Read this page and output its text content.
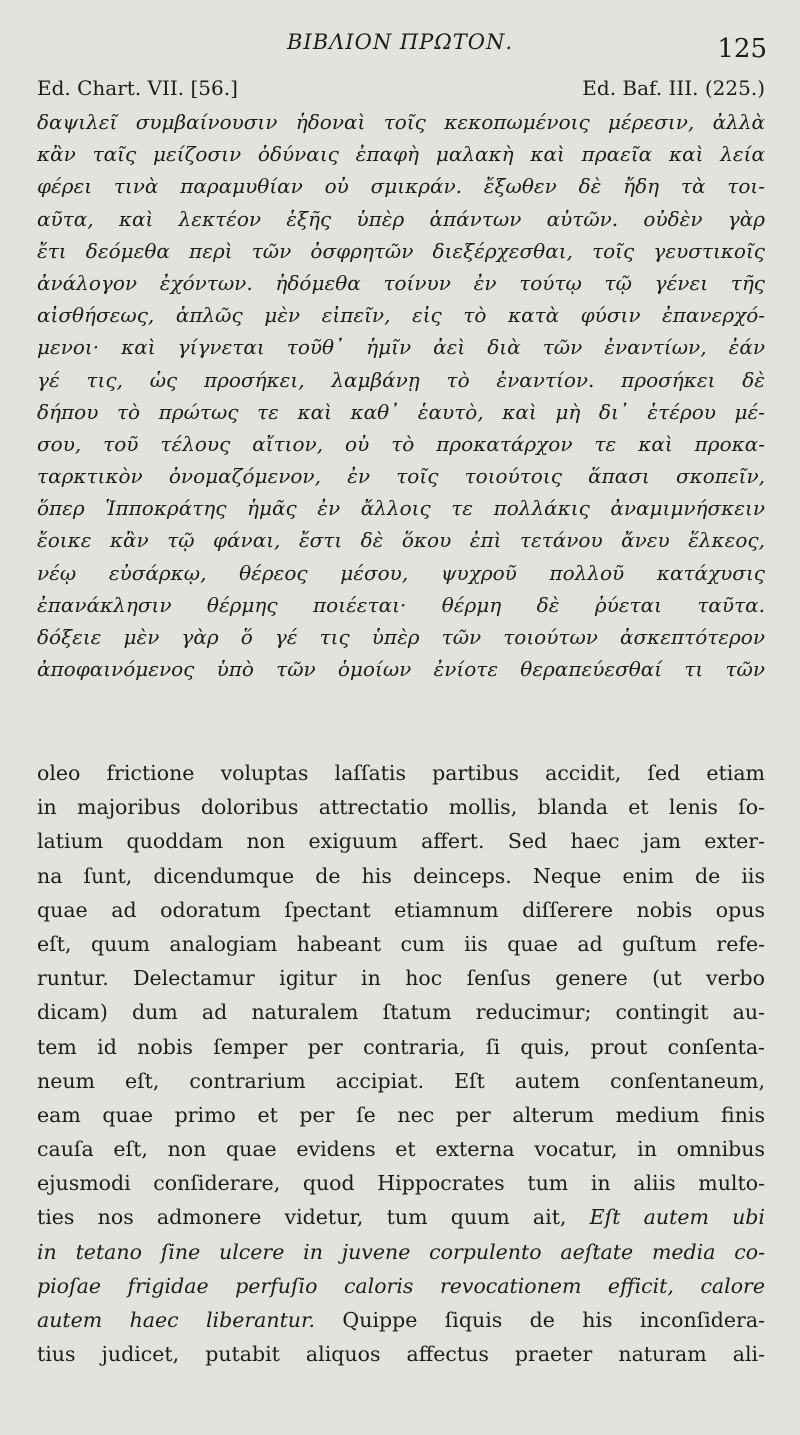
ΒΙΒΛΙΟΝ ΠΡΩΤΟΝ.	125
Ed. Chart. VII. [56.]	Ed. Baf. III. (225.)
δαψιλεῖ συμβαίνουσιν ἡδοναὶ τοῖς κεκοπωμένοις μέρεσιν, ἀλλὰ
κἂν ταῖς μείζοσιν ὀδύναις ἐπαφὴ μαλακὴ καὶ πραεῖα καὶ λεία
φέρει τινὰ παραμυθίαν οὐ σμικράν. ἔξωθεν δὲ ἤδη τὰ τοι-
αῦτα, καὶ λεκτέον ἑξῆς ὑπὲρ ἁπάντων αὐτῶν. οὐδὲν γὰρ
ἔτι δεόμεθα περὶ τῶν ὀσφρητῶν διεξέρχεσθαι, τοῖς γευστικοῖς
ἀνάλογον ἐχόντων. ἠδόμεθα τοίνυν ἐν τούτῳ τῷ γένει τῆς
αἰσθήσεως, ἁπλῶς μὲν εἰπεῖν, εἰς τὸ κατὰ φύσιν ἐπανερχό-
μενοι· καὶ γίγνεται τοῦθ᾽ ἡμῖν ἀεὶ διὰ τῶν ἐναντίων, ἐάν
γέ τις, ὡς προσήκει, λαμβάνῃ τὸ ἐναντίον. προσήκει δὲ
δήπου τὸ πρώτως τε καὶ καθ᾽ ἑαυτὸ, καὶ μὴ δι᾽ ἑτέρου μέ-
σου, τοῦ τέλους αἴτιον, οὐ τὸ προκατάρχον τε καὶ προκα-
ταρκτικὸν ὀνομαζόμενον, ἐν τοῖς τοιούτοις ἅπασι σκοπεῖν,
ὅπερ Ἱπποκράτης ἡμᾶς ἐν ἄλλοις τε πολλάκις ἀναμιμνήσκειν
ἔοικε κἂν τῷ φάναι, ἔστι δὲ ὅκου ἐπὶ τετάνου ἄνευ ἕλκεος,
νέῳ εὐσάρκῳ, θέρεος μέσου, ψυχροῦ πολλοῦ κατάχυσις
ἐπανάκλησιν θέρμης ποιέεται· θέρμη δὲ ῥύεται ταῦτα.
δόξειε μὲν γὰρ ὅ γέ τις ὑπὲρ τῶν τοιούτων ἀσκεπτότερον
ἀποφαινόμενος ὑπὸ τῶν ὁμοίων ἐνίοτε θεραπεύεσθαί τι τῶν
oleo frictione voluptas laſſatis partibus accidit, ſed etiam
in majoribus doloribus attrectatio mollis, blanda et lenis ſo-
latium quoddam non exiguum affert. Sed haec jam exter-
na ſunt, dicendumque de his deinceps. Neque enim de iis
quae ad odoratum ſpectant etiamnum diſſerere nobis opus
eſt, quum analogiam habeant cum iis quae ad guſtum refe-
runtur. Delectamur igitur in hoc ſenſus genere (ut verbo
dicam) dum ad naturalem ſtatum reducimur; contingit au-
tem id nobis ſemper per contraria, ſi quis, prout conſenta-
neum eſt, contrarium accipiat. Eſt autem conſentaneum,
eam quae primo et per ſe nec per alterum medium finis
cauſa eſt, non quae evidens et externa vocatur, in omnibus
ejusmodi conſiderare, quod Hippocrates tum in aliis multo-
ties nos admonere videtur, tum quum ait, Eſt autem ubi
in tetano ſine ulcere in juvene corpulento aeſtate media co-
pioſae frigidae perfuſio caloris revocationem efficit, calore
autem haec liberantur. Quippe ſiquis de his inconſidera-
tius judicet, putabit aliquos affectus praeter naturam ali-
